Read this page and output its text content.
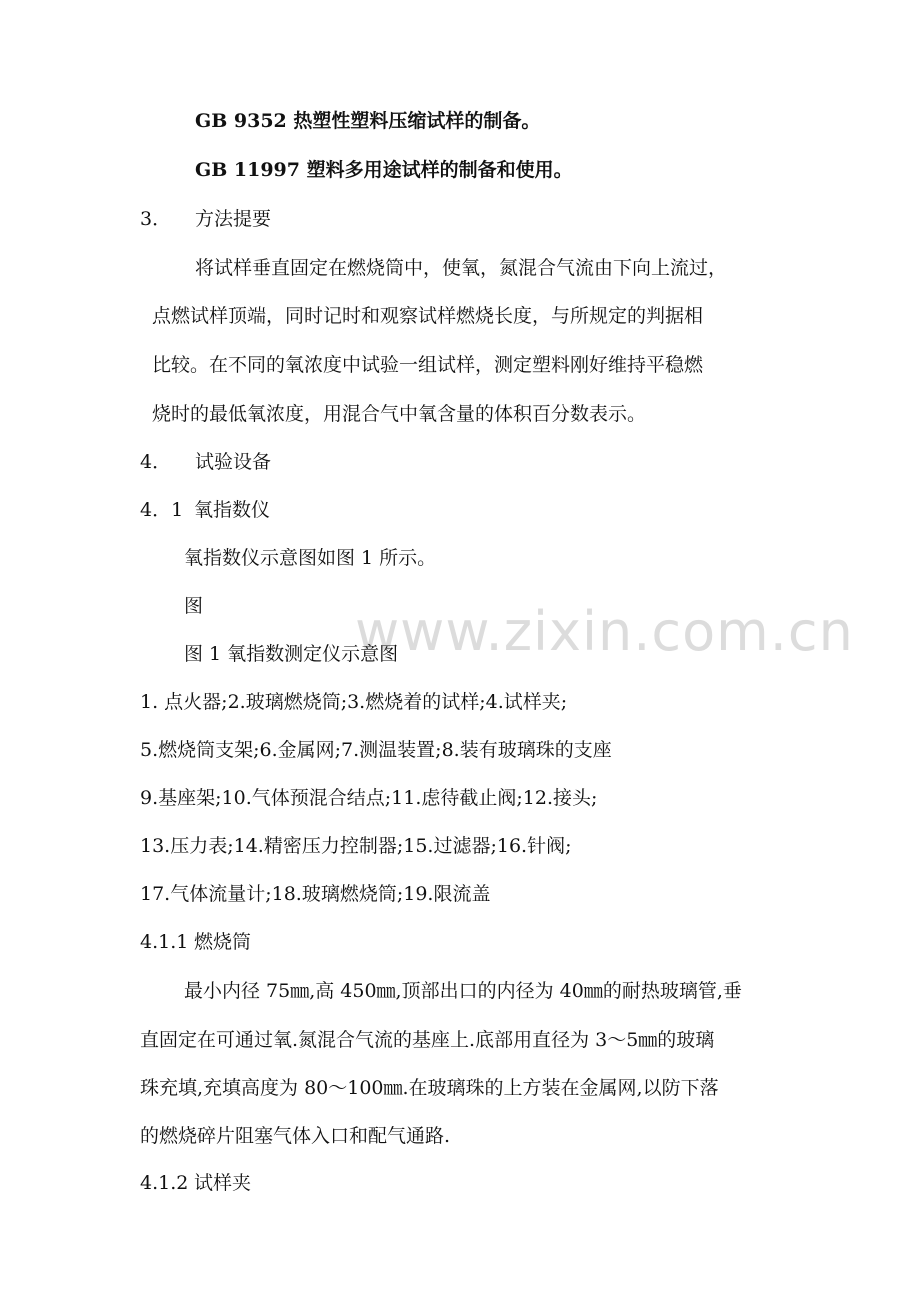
www.zixin.com.cn
GB 9352 热塑性塑料压缩试样的制备。
GB 11997 塑料多用途试样的制备和使用。
3． 方法提要
将试样垂直固定在燃烧筒中，使氧，氮混合气流由下向上流过，
点燃试样顶端，同时记时和观察试样燃烧长度，与所规定的判据相
比较。在不同的氧浓度中试验一组试样，测定塑料刚好维持平稳燃
烧时的最低氧浓度，用混合气中氧含量的体积百分数表示。
4． 试验设备
4．1 氧指数仪
氧指数仪示意图如图 1 所示。
图
图 1 氧指数测定仪示意图
1. 点火器;2.玻璃燃烧筒;3.燃烧着的试样;4.试样夹;
5.燃烧筒支架;6.金属网;7.测温装置;8.装有玻璃珠的支座
9.基座架;10.气体预混合结点;11.虑待截止阀;12.接头;
13.压力表;14.精密压力控制器;15.过滤器;16.针阀;
17.气体流量计;18.玻璃燃烧筒;19.限流盖
4.1.1 燃烧筒
最小内径 75㎜,高 450㎜,顶部出口的内径为 40㎜的耐热玻璃管,垂
直固定在可通过氧.氮混合气流的基座上.底部用直径为 3～5㎜的玻璃
珠充填,充填高度为 80～100㎜.在玻璃珠的上方装在金属网,以防下落
的燃烧碎片阻塞气体入口和配气通路.
4.1.2 试样夹
